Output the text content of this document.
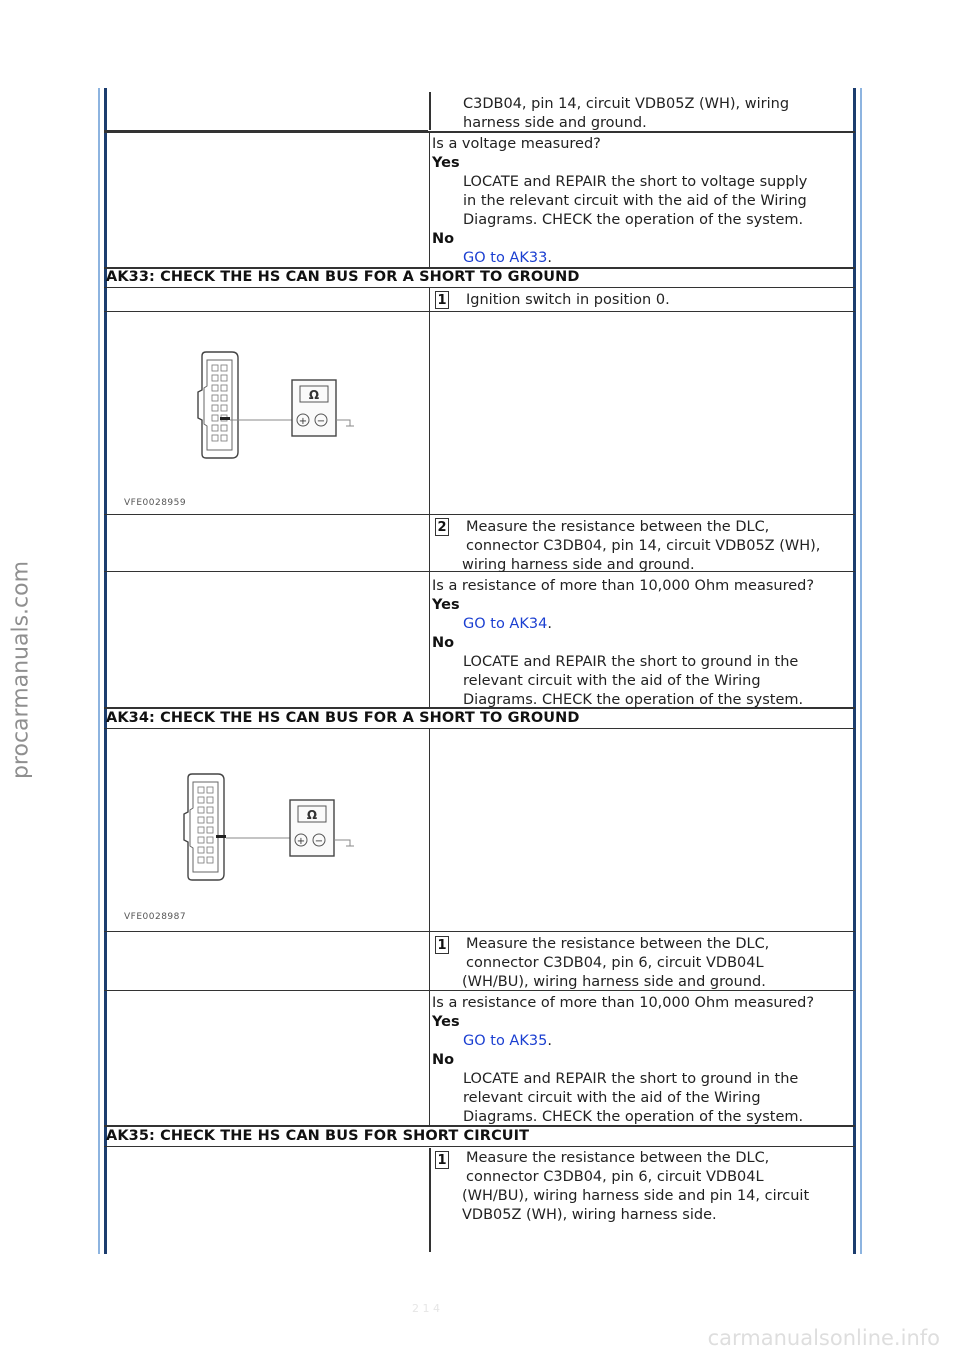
procarmanuals.com
carmanualsonline.info
2 1 4
C3DB04, pin 14, circuit VDB05Z (WH), wiring
harness side and ground.
Is a voltage measured?
Yes
LOCATE and REPAIR the short to voltage supply
in the relevant circuit with the aid of the Wiring
Diagrams. CHECK the operation of the system.
No
GO to AK33.
AK33: CHECK THE HS CAN BUS FOR A SHORT TO GROUND
1 Ignition switch in position 0.
Ω
+ −
VFE0028959
2 Measure the resistance between the DLC,
connector C3DB04, pin 14, circuit VDB05Z (WH),
wiring harness side and ground.
Is a resistance of more than 10,000 Ohm measured?
Yes
GO to AK34.
No
LOCATE and REPAIR the short to ground in the
relevant circuit with the aid of the Wiring
Diagrams. CHECK the operation of the system.
AK34: CHECK THE HS CAN BUS FOR A SHORT TO GROUND
Ω
+ −
VFE0028987
1 Measure the resistance between the DLC,
connector C3DB04, pin 6, circuit VDB04L
(WH/BU), wiring harness side and ground.
Is a resistance of more than 10,000 Ohm measured?
Yes
GO to AK35.
No
LOCATE and REPAIR the short to ground in the
relevant circuit with the aid of the Wiring
Diagrams. CHECK the operation of the system.
AK35: CHECK THE HS CAN BUS FOR SHORT CIRCUIT
1 Measure the resistance between the DLC,
connector C3DB04, pin 6, circuit VDB04L
(WH/BU), wiring harness side and pin 14, circuit
VDB05Z (WH), wiring harness side.
